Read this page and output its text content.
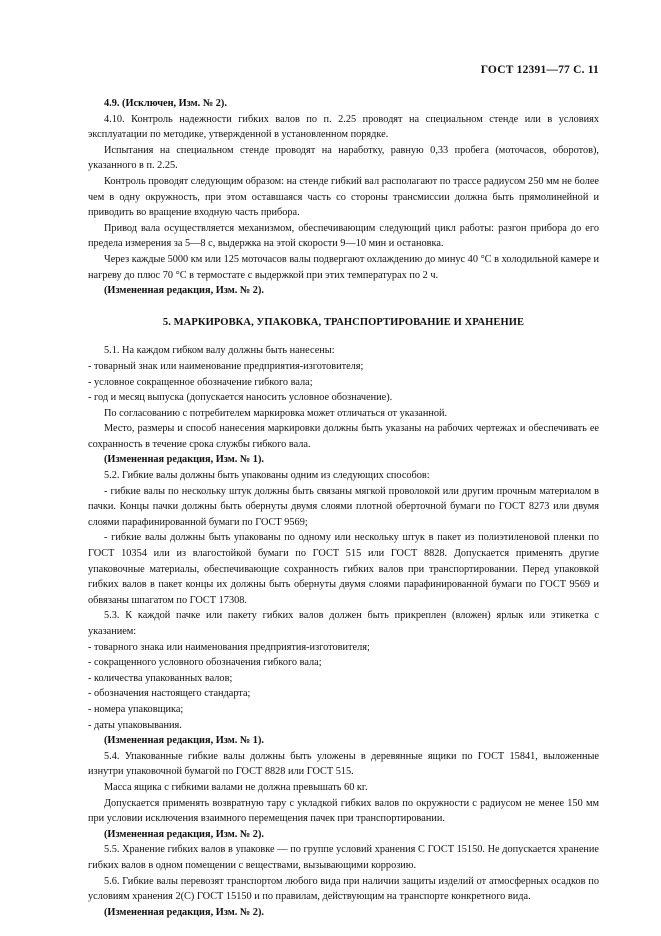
ГОСТ 12391—77 С. 11

4.9. (Исключен, Изм. № 2).

4.10. Контроль надежности гибких валов по п. 2.25 проводят на специальном стенде или в условиях эксплуатации по методике, утвержденной в установленном порядке.

Испытания на специальном стенде проводят на наработку, равную 0,33 пробега (моточасов, оборотов), указанного в п. 2.25.

Контроль проводят следующим образом: на стенде гибкий вал располагают по трассе радиусом 250 мм не более чем в одну окружность, при этом оставшаяся часть со стороны трансмиссии должна быть прямолинейной и приводить во вращение входную часть прибора.

Привод вала осуществляется механизмом, обеспечивающим следующий цикл работы: разгон прибора до его предела измерения за 5—8 с, выдержка на этой скорости 9—10 мин и остановка.

Через каждые 5000 км или 125 моточасов валы подвергают охлаждению до минус 40 °С в холодильной камере и нагреву до плюс 70 °С в термостате с выдержкой при этих температурах по 2 ч.

(Измененная редакция, Изм. № 2).

5. МАРКИРОВКА, УПАКОВКА, ТРАНСПОРТИРОВАНИЕ И ХРАНЕНИЕ

5.1. На каждом гибком валу должны быть нанесены:

- товарный знак или наименование предприятия-изготовителя;

- условное сокращенное обозначение гибкого вала;

- год и месяц выпуска (допускается наносить условное обозначение).

По согласованию с потребителем маркировка может отличаться от указанной.

Место, размеры и способ нанесения маркировки должны быть указаны на рабочих чертежах и обеспечивать ее сохранность в течение срока службы гибкого вала.

(Измененная редакция, Изм. № 1).

5.2. Гибкие валы должны быть упакованы одним из следующих способов:

- гибкие валы по нескольку штук должны быть связаны мягкой проволокой или другим прочным материалом в пачки. Концы пачки должны быть обернуты двумя слоями плотной оберточной бумаги по ГОСТ 8273 или двумя слоями парафинированной бумаги по ГОСТ 9569;

- гибкие валы должны быть упакованы по одному или нескольку штук в пакет из полиэтиленовой пленки по ГОСТ 10354 или из влагостойкой бумаги по ГОСТ 515 или ГОСТ 8828. Допускается применять другие упаковочные материалы, обеспечивающие сохранность гибких валов при транспортировании. Перед упаковкой гибких валов в пакет концы их должны быть обернуты двумя слоями парафинированной бумаги по ГОСТ 9569 и обвязаны шпагатом по ГОСТ 17308.

5.3. К каждой пачке или пакету гибких валов должен быть прикреплен (вложен) ярлык или этикетка с указанием:

- товарного знака или наименования предприятия-изготовителя;

- сокращенного условного обозначения гибкого вала;

- количества упакованных валов;

- обозначения настоящего стандарта;

- номера упаковщика;

- даты упаковывания.

(Измененная редакция, Изм. № 1).

5.4. Упакованные гибкие валы должны быть уложены в деревянные ящики по ГОСТ 15841, выложенные изнутри упаковочной бумагой по ГОСТ 8828 или ГОСТ 515.

Масса ящика с гибкими валами не должна превышать 60 кг.

Допускается применять возвратную тару с укладкой гибких валов по окружности с радиусом не менее 150 мм при условии исключения взаимного перемещения пачек при транспортировании.

(Измененная редакция, Изм. № 2).

5.5. Хранение гибких валов в упаковке — по группе условий хранения С ГОСТ 15150. Не допускается хранение гибких валов в одном помещении с веществами, вызывающими коррозию.

5.6. Гибкие валы перевозят транспортом любого вида при наличии защиты изделий от атмосферных осадков по условиям хранения 2(С) ГОСТ 15150 и по правилам, действующим на транспорте конкретного вида.

(Измененная редакция, Изм. № 2).
